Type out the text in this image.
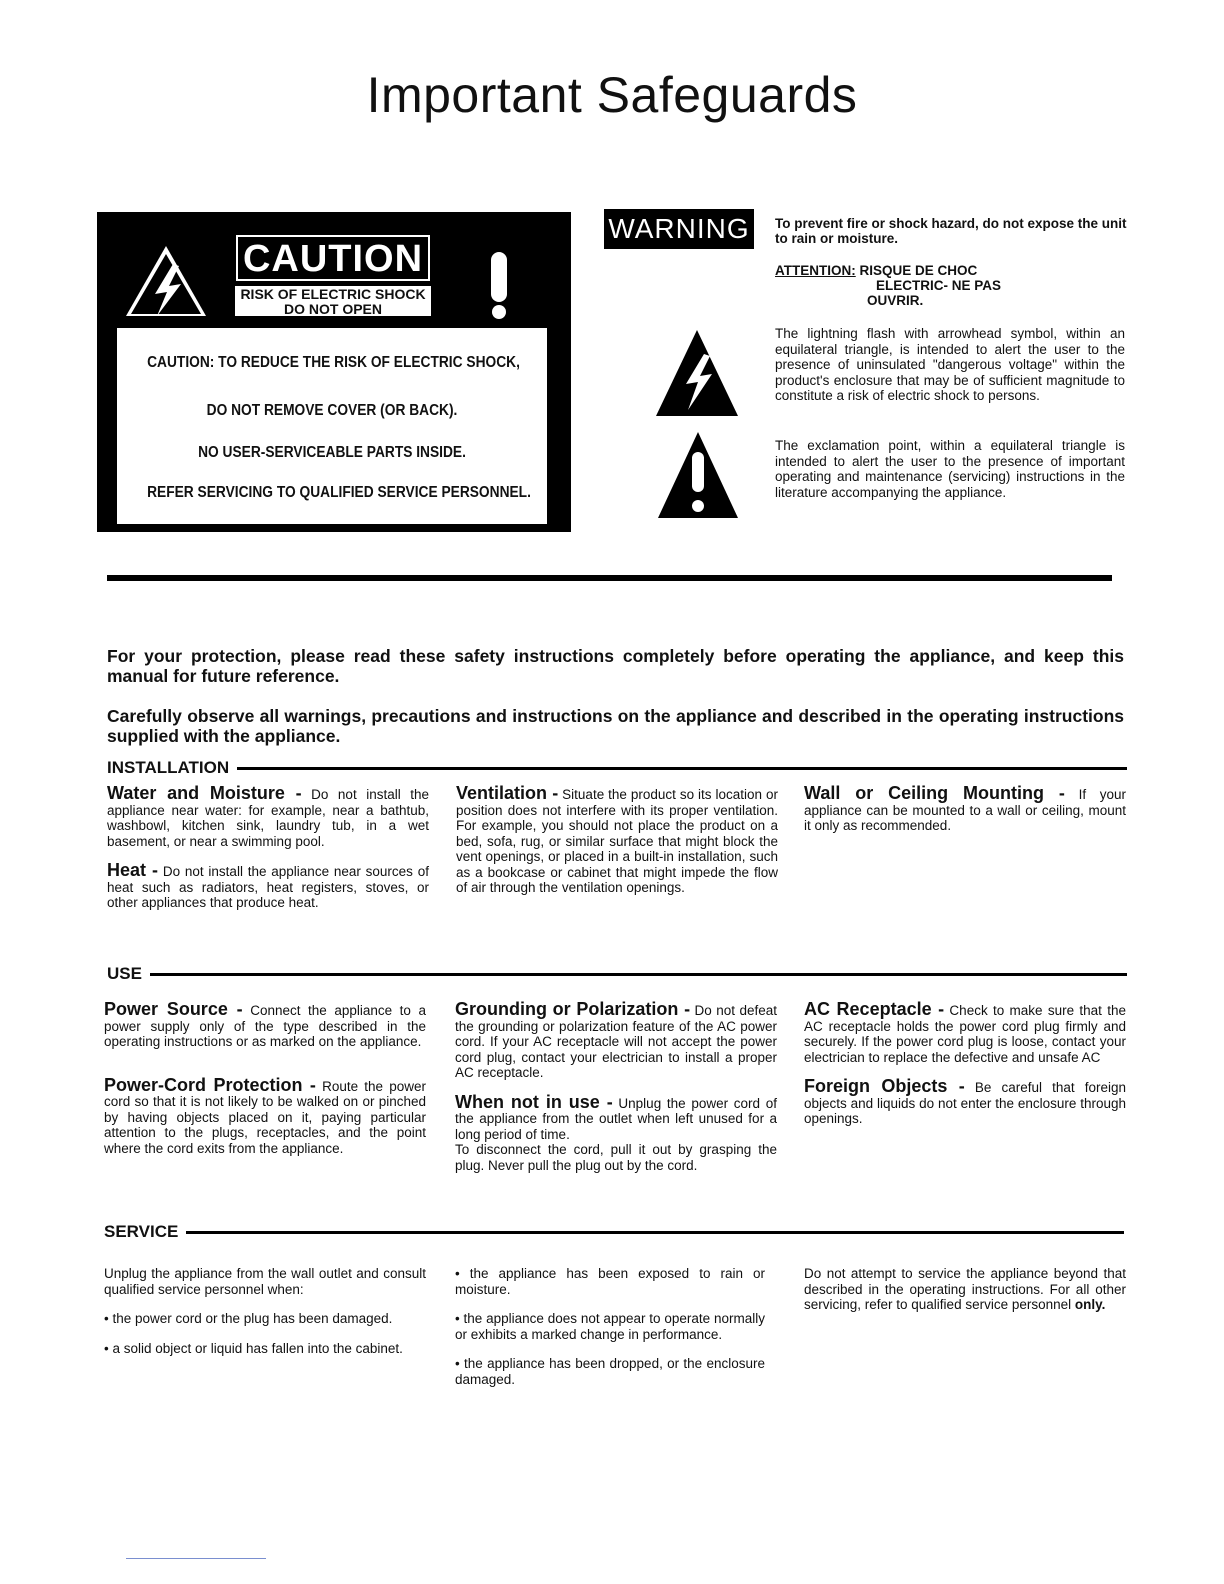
Important Safeguards
CAUTION
RISK OF ELECTRIC SHOCK
DO NOT OPEN
CAUTION: TO REDUCE THE RISK OF ELECTRIC SHOCK,
DO NOT REMOVE COVER (OR BACK).
NO USER-SERVICEABLE PARTS INSIDE.
REFER SERVICING TO QUALIFIED SERVICE PERSONNEL.
WARNING	To prevent fire or shock hazard, do not expose the unit to rain or moisture.
ATTENTION: RISQUE DE CHOC
ELECTRIC- NE PAS
OUVRIR.
The lightning flash with arrowhead symbol, within an equilateral triangle, is intended to alert the user to the presence of uninsulated "dangerous voltage" within the product's enclosure that may be of sufficient magnitude to constitute a risk of electric shock to persons.
The exclamation point, within a equilateral triangle is intended to alert the user to the presence of important operating and maintenance (servicing) instructions in the literature accompanying the appliance.
For your protection, please read these safety instructions completely before operating the appliance, and keep this manual for future reference.
Carefully observe all warnings, precautions and instructions on the appliance and described in the operating instructions supplied with the appliance.
INSTALLATION

Water and Moisture - Do not install the appliance near water: for example, near a bathtub, washbowl, kitchen sink, laundry tub, in a wet basement, or near a swimming pool.

Heat - Do not install the appliance near sources of heat such as radiators, heat registers, stoves, or other appliances that produce heat.

Ventilation - Situate the product so its location or position does not interfere with its proper ventilation. For example, you should not place the product on a bed, sofa, rug, or similar surface that might block the vent openings, or placed in a built-in installation, such as a bookcase or cabinet that might impede the flow of air through the ventilation openings.

Wall or Ceiling Mounting - If your appliance can be mounted to a wall or ceiling, mount it only as recommended.

USE

Power Source - Connect the appliance to a power supply only of the type described in the operating instructions or as marked on the appliance.

Power-Cord Protection - Route the power cord so that it is not likely to be walked on or pinched by having objects placed on it, paying particular attention to the plugs, receptacles, and the point where the cord exits from the appliance.

Grounding or Polarization - Do not defeat the grounding or polarization feature of the AC power cord. If your AC receptacle will not accept the power cord plug, contact your electrician to install a proper AC receptacle.

When not in use - Unplug the power cord of the appliance from the outlet when left unused for a long period of time.
To disconnect the cord, pull it out by grasping the plug. Never pull the plug out by the cord.

AC Receptacle - Check to make sure that the AC receptacle holds the power cord plug firmly and securely. If the power cord plug is loose, contact your electrician to replace the defective and unsafe AC

Foreign Objects - Be careful that foreign objects and liquids do not enter the enclosure through openings.

SERVICE

Unplug the appliance from the wall outlet and consult qualified service personnel when:

• the power cord or the plug has been damaged.

• a solid object or liquid has fallen into the cabinet.

• the appliance has been exposed to rain or moisture.

• the appliance does not appear to operate normally or exhibits a marked change in performance.

• the appliance has been dropped, or the enclosure damaged.

Do not attempt to service the appliance beyond that described in the operating instructions. For all other servicing, refer to qualified service personnel only.
